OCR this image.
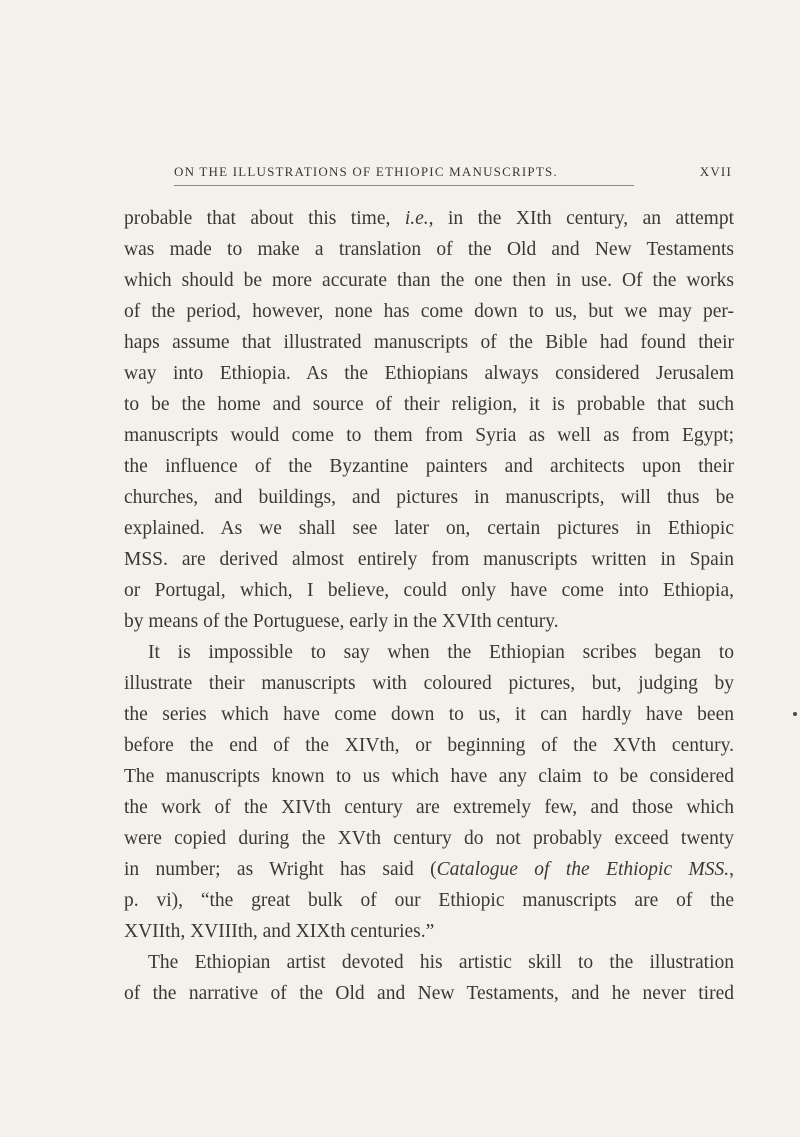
ON THE ILLUSTRATIONS OF ETHIOPIC MANUSCRIPTS.	XVII
probable that about this time, i.e., in the XIth century, an attempt
was made to make a translation of the Old and New Testaments
which should be more accurate than the one then in use. Of the works
of the period, however, none has come down to us, but we may per-
haps assume that illustrated manuscripts of the Bible had found their
way into Ethiopia. As the Ethiopians always considered Jerusalem
to be the home and source of their religion, it is probable that such
manuscripts would come to them from Syria as well as from Egypt;
the influence of the Byzantine painters and architects upon their
churches, and buildings, and pictures in manuscripts, will thus be
explained. As we shall see later on, certain pictures in Ethiopic
MSS. are derived almost entirely from manuscripts written in Spain
or Portugal, which, I believe, could only have come into Ethiopia,
by means of the Portuguese, early in the XVIth century.
It is impossible to say when the Ethiopian scribes began to
illustrate their manuscripts with coloured pictures, but, judging by
the series which have come down to us, it can hardly have been
before the end of the XIVth, or beginning of the XVth century.
The manuscripts known to us which have any claim to be considered
the work of the XIVth century are extremely few, and those which
were copied during the XVth century do not probably exceed twenty
in number; as Wright has said (Catalogue of the Ethiopic MSS.,
p. vi), “the great bulk of our Ethiopic manuscripts are of the
XVIIth, XVIIIth, and XIXth centuries.”
The Ethiopian artist devoted his artistic skill to the illustration
of the narrative of the Old and New Testaments, and he never tired
